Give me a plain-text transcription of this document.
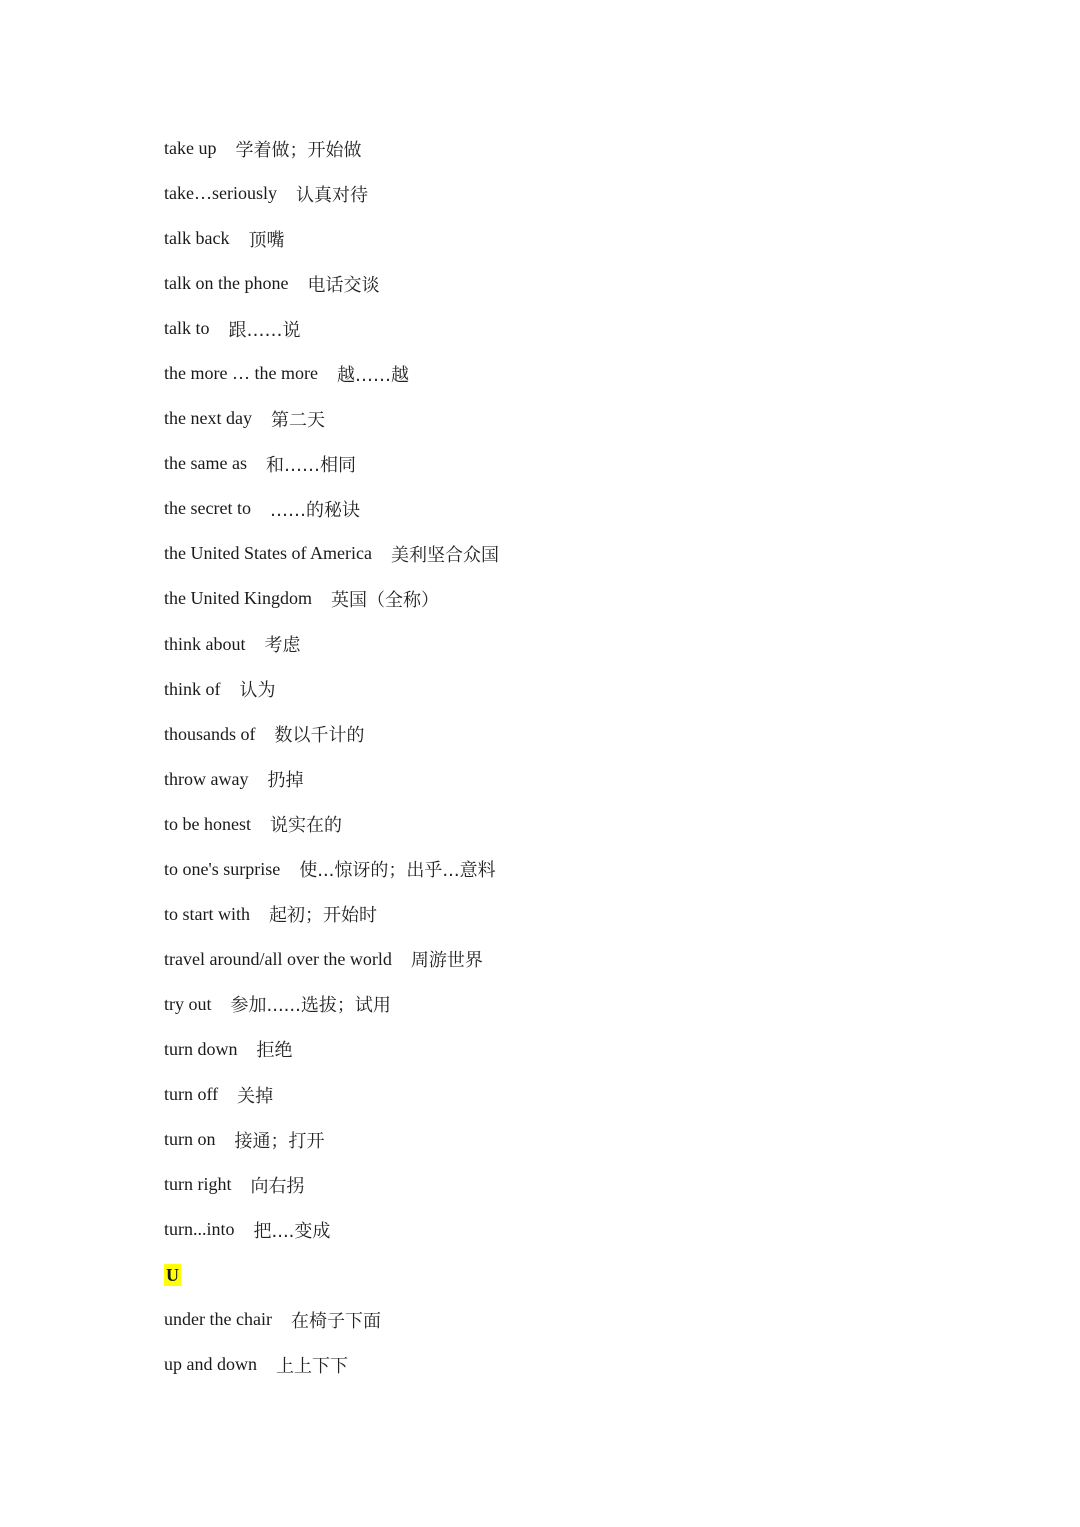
take up 学着做；开始做
take…seriously 认真对待
talk back 顶嘴
talk on the phone 电话交谈
talk to 跟……说
the more … the more 越……越
the next day 第二天
the same as 和……相同
the secret to ……的秘诀
the United States of America 美利坚合众国
the United Kingdom 英国（全称）
think about 考虑
think of 认为
thousands of 数以千计的
throw away 扔掉
to be honest 说实在的
to one's surprise 使...惊讶的；出乎...意料
to start with 起初；开始时
travel around/all over the world 周游世界
try out 参加......选拔；试用
turn down 拒绝
turn off 关掉
turn on 接通；打开
turn right 向右拐
turn...into 把....变成
U
under the chair 在椅子下面
up and down 上上下下
